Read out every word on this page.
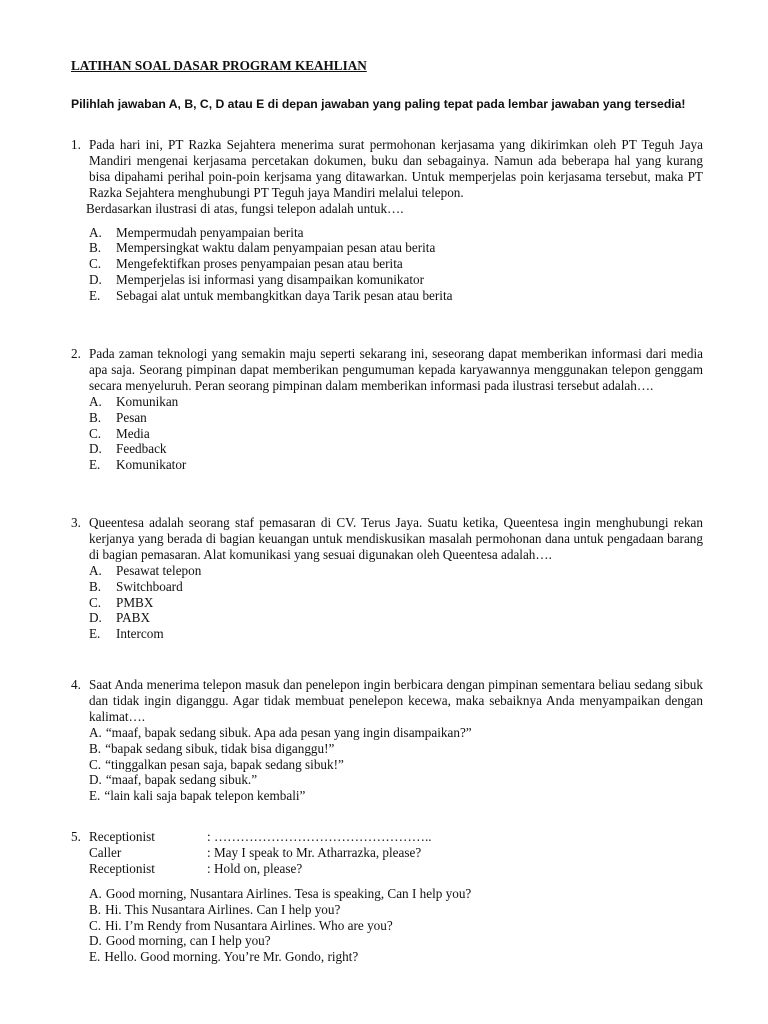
LATIHAN SOAL DASAR PROGRAM KEAHLIAN
Pilihlah jawaban A, B, C, D atau E di depan jawaban yang paling tepat pada lembar jawaban yang tersedia!
1. Pada hari ini, PT Razka Sejahtera menerima surat permohonan kerjasama yang dikirimkan oleh PT Teguh Jaya Mandiri mengenai kerjasama percetakan dokumen, buku dan sebagainya. Namun ada beberapa hal yang kurang bisa dipahami perihal poin-poin kerjsama yang ditawarkan. Untuk memperjelas poin kerjasama tersebut, maka PT Razka Sejahtera menghubungi PT Teguh jaya Mandiri melalui telepon.
Berdasarkan ilustrasi di atas, fungsi telepon adalah untuk….
A.	Mempermudah penyampaian berita
B.	Mempersingkat waktu dalam penyampaian pesan atau berita
C.	Mengefektifkan proses penyampaian pesan atau berita
D.	Memperjelas isi informasi yang disampaikan komunikator
E.	Sebagai alat untuk membangkitkan daya Tarik pesan atau berita
2. Pada zaman teknologi yang semakin maju seperti sekarang ini, seseorang dapat memberikan informasi dari media apa saja. Seorang pimpinan dapat memberikan pengumuman kepada karyawannya menggunakan telepon genggam secara menyeluruh. Peran seorang pimpinan dalam memberikan informasi pada ilustrasi tersebut adalah….
A.	Komunikan
B.	Pesan
C.	Media
D.	Feedback
E.	Komunikator
3. Queentesa adalah seorang staf pemasaran di CV. Terus Jaya. Suatu ketika, Queentesa ingin menghubungi rekan kerjanya yang berada di bagian keuangan untuk mendiskusikan masalah permohonan dana untuk pengadaan barang di bagian pemasaran. Alat komunikasi yang sesuai digunakan oleh Queentesa adalah….
A.	Pesawat telepon
B.	Switchboard
C.	PMBX
D.	PABX
E.	Intercom
4. Saat Anda menerima telepon masuk dan penelepon ingin berbicara dengan pimpinan sementara beliau sedang sibuk dan tidak ingin diganggu. Agar tidak membuat penelepon kecewa, maka sebaiknya Anda menyampaikan dengan kalimat….
A. “maaf, bapak sedang sibuk. Apa ada pesan yang ingin disampaikan?”
B. “bapak sedang sibuk, tidak bisa diganggu!”
C. “tinggalkan pesan saja, bapak sedang sibuk!”
D. “maaf, bapak sedang sibuk.”
E. “lain kali saja bapak telepon kembali”
5. Receptionist	: …………………………………………..
Caller	: May I speak to Mr. Atharrazka, please?
Receptionist	: Hold on, please?
A. Good morning, Nusantara Airlines. Tesa is speaking, Can I help you?
B. Hi. This Nusantara Airlines. Can I help you?
C. Hi. I’m Rendy from Nusantara Airlines. Who are you?
D. Good morning, can I help you?
E. Hello. Good morning. You’re Mr. Gondo, right?
